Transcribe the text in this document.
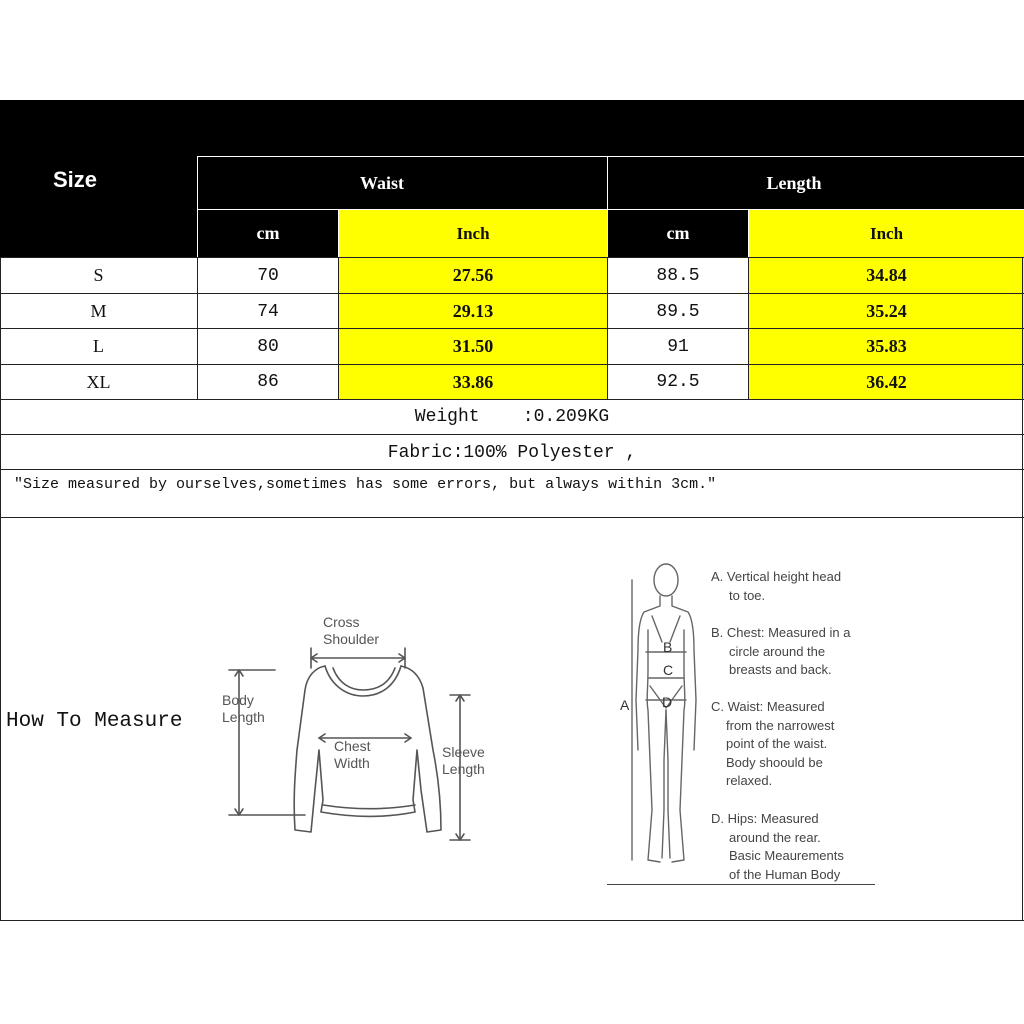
Size	Waist	Length
cm	Inch	cm	Inch
S	70	27.56	88.5	34.84
M	74	29.13	89.5	35.24
L	80	31.50	91	35.83
XL	86	33.86	92.5	36.42
Weight    :0.209KG
Fabric:100% Polyester ,
"Size measured by ourselves,sometimes has some errors, but always within 3cm."
How To Measure
Cross
Shoulder
Body
Length
Chest
Width
Sleeve
Length
A
B
C
D
A. Vertical height head
to toe.
B. Chest: Measured in a
circle around the
breasts and back.
C. Waist: Measured
from the narrowest
point of the waist.
Body shoould be
relaxed.
D. Hips: Measured
around the rear.
Basic Meaurements
of the Human Body
